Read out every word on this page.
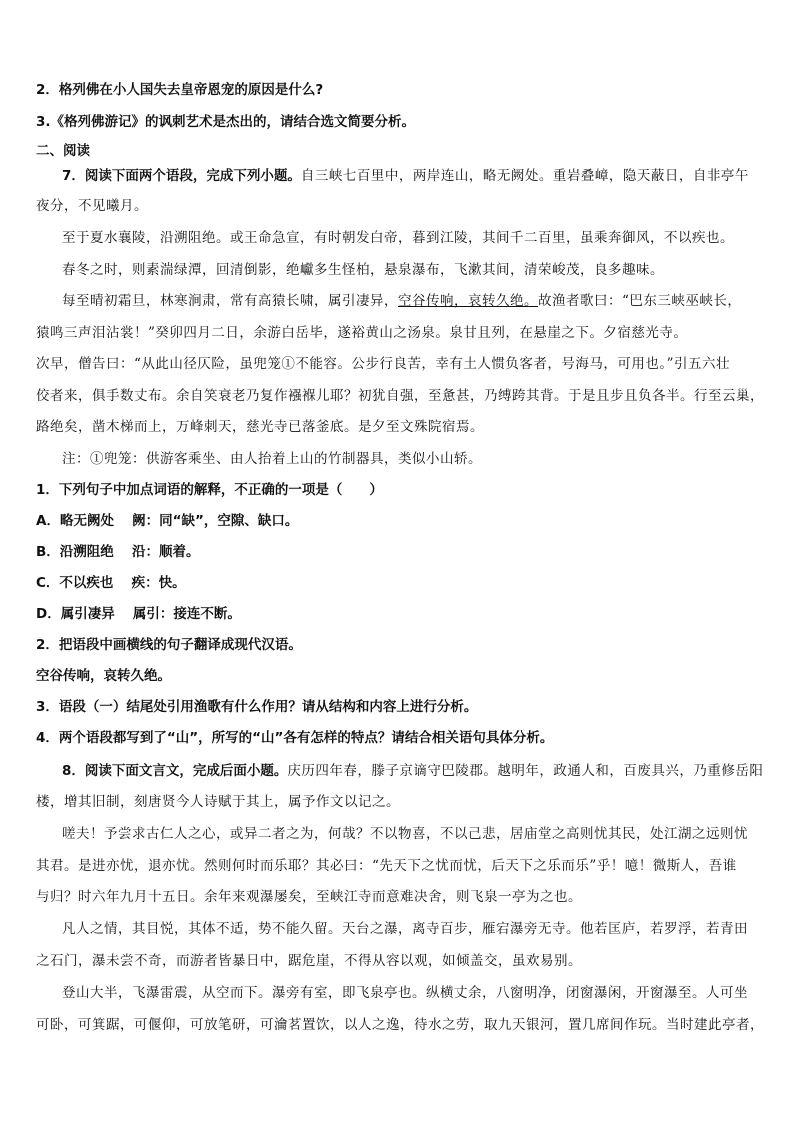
2．格列佛在小人国失去皇帝恩宠的原因是什么?
3.《格列佛游记》的讽刺艺术是杰出的，请结合选文简要分析。
二、阅读
7．阅读下面两个语段，完成下列小题。自三峡七百里中，两岸连山，略无阙处。重岩叠嶂，隐天蔽日，自非亭午
夜分，不见曦月。
至于夏水襄陵，沿溯阻绝。或王命急宣，有时朝发白帝，暮到江陵，其间千二百里，虽乘奔御风，不以疾也。
春冬之时，则素湍绿潭，回清倒影，绝巘多生怪柏，悬泉瀑布，飞漱其间，清荣峻茂，良多趣味。
每至晴初霜旦，林寒涧肃，常有高猿长啸，属引凄异，空谷传响，哀转久绝。故渔者歌曰：“巴东三峡巫峡长，
猿鸣三声泪沾裳！”癸卯四月二日，余游白岳毕，遂裕黄山之汤泉。泉甘且列，在悬崖之下。夕宿慈光寺。
次早，僧告曰：“从此山径仄险，虽兜笼①不能容。公步行良苦，幸有土人惯负客者，号海马，可用也。”引五六壮
佼者来，俱手数丈布。余自笑衰老乃复作襁褓儿耶？初犹自强，至惫甚，乃缚跨其背。于是且步且负各半。行至云巢，
路绝矣，凿木梯而上，万峰刺天，慈光寺已落釜底。是夕至文殊院宿焉。
注：①兜笼：供游客乘坐、由人抬着上山的竹制器具，类似小山轿。
1．下列句子中加点词语的解释，不正确的一项是（　　）
A．略无阙处　 阙：同“缺”，空隙、缺口。
B．沿溯阻绝　 沿：顺着。
C．不以疾也　 疾：快。
D．属引凄异　 属引：接连不断。
2．把语段中画横线的句子翻译成现代汉语。
空谷传响，哀转久绝。
3．语段（一）结尾处引用渔歌有什么作用？请从结构和内容上进行分析。
4．两个语段都写到了“山”，所写的“山”各有怎样的特点？请结合相关语句具体分析。
8．阅读下面文言文，完成后面小题。庆历四年春，滕子京谪守巴陵郡。越明年，政通人和，百废具兴，乃重修岳阳
楼，增其旧制，刻唐贤今人诗赋于其上，属予作文以记之。
嗟夫！予尝求古仁人之心，或异二者之为，何哉？不以物喜，不以己悲，居庙堂之高则忧其民，处江湖之远则忧
其君。是进亦忧，退亦忧。然则何时而乐耶？其必曰：“先天下之忧而忧，后天下之乐而乐”乎！噫！微斯人，吾谁
与归？时六年九月十五日。余年来观瀑屡矣，至峡江寺而意难决舍，则飞泉一亭为之也。
凡人之情，其目悦，其体不适，势不能久留。天台之瀑，离寺百步，雁宕瀑旁无寺。他若匡庐，若罗浮，若青田
之石门，瀑未尝不奇，而游者皆暴日中，踞危崖，不得从容以观，如倾盖交，虽欢易别。
登山大半，飞瀑雷震，从空而下。瀑旁有室，即飞泉亭也。纵横丈余，八窗明净，闭窗瀑闲，开窗瀑至。人可坐
可卧，可箕踞，可偃仰，可放笔研，可瀹茗置饮，以人之逸，待水之劳，取九天银河，置几席间作玩。当时建此亭者，
